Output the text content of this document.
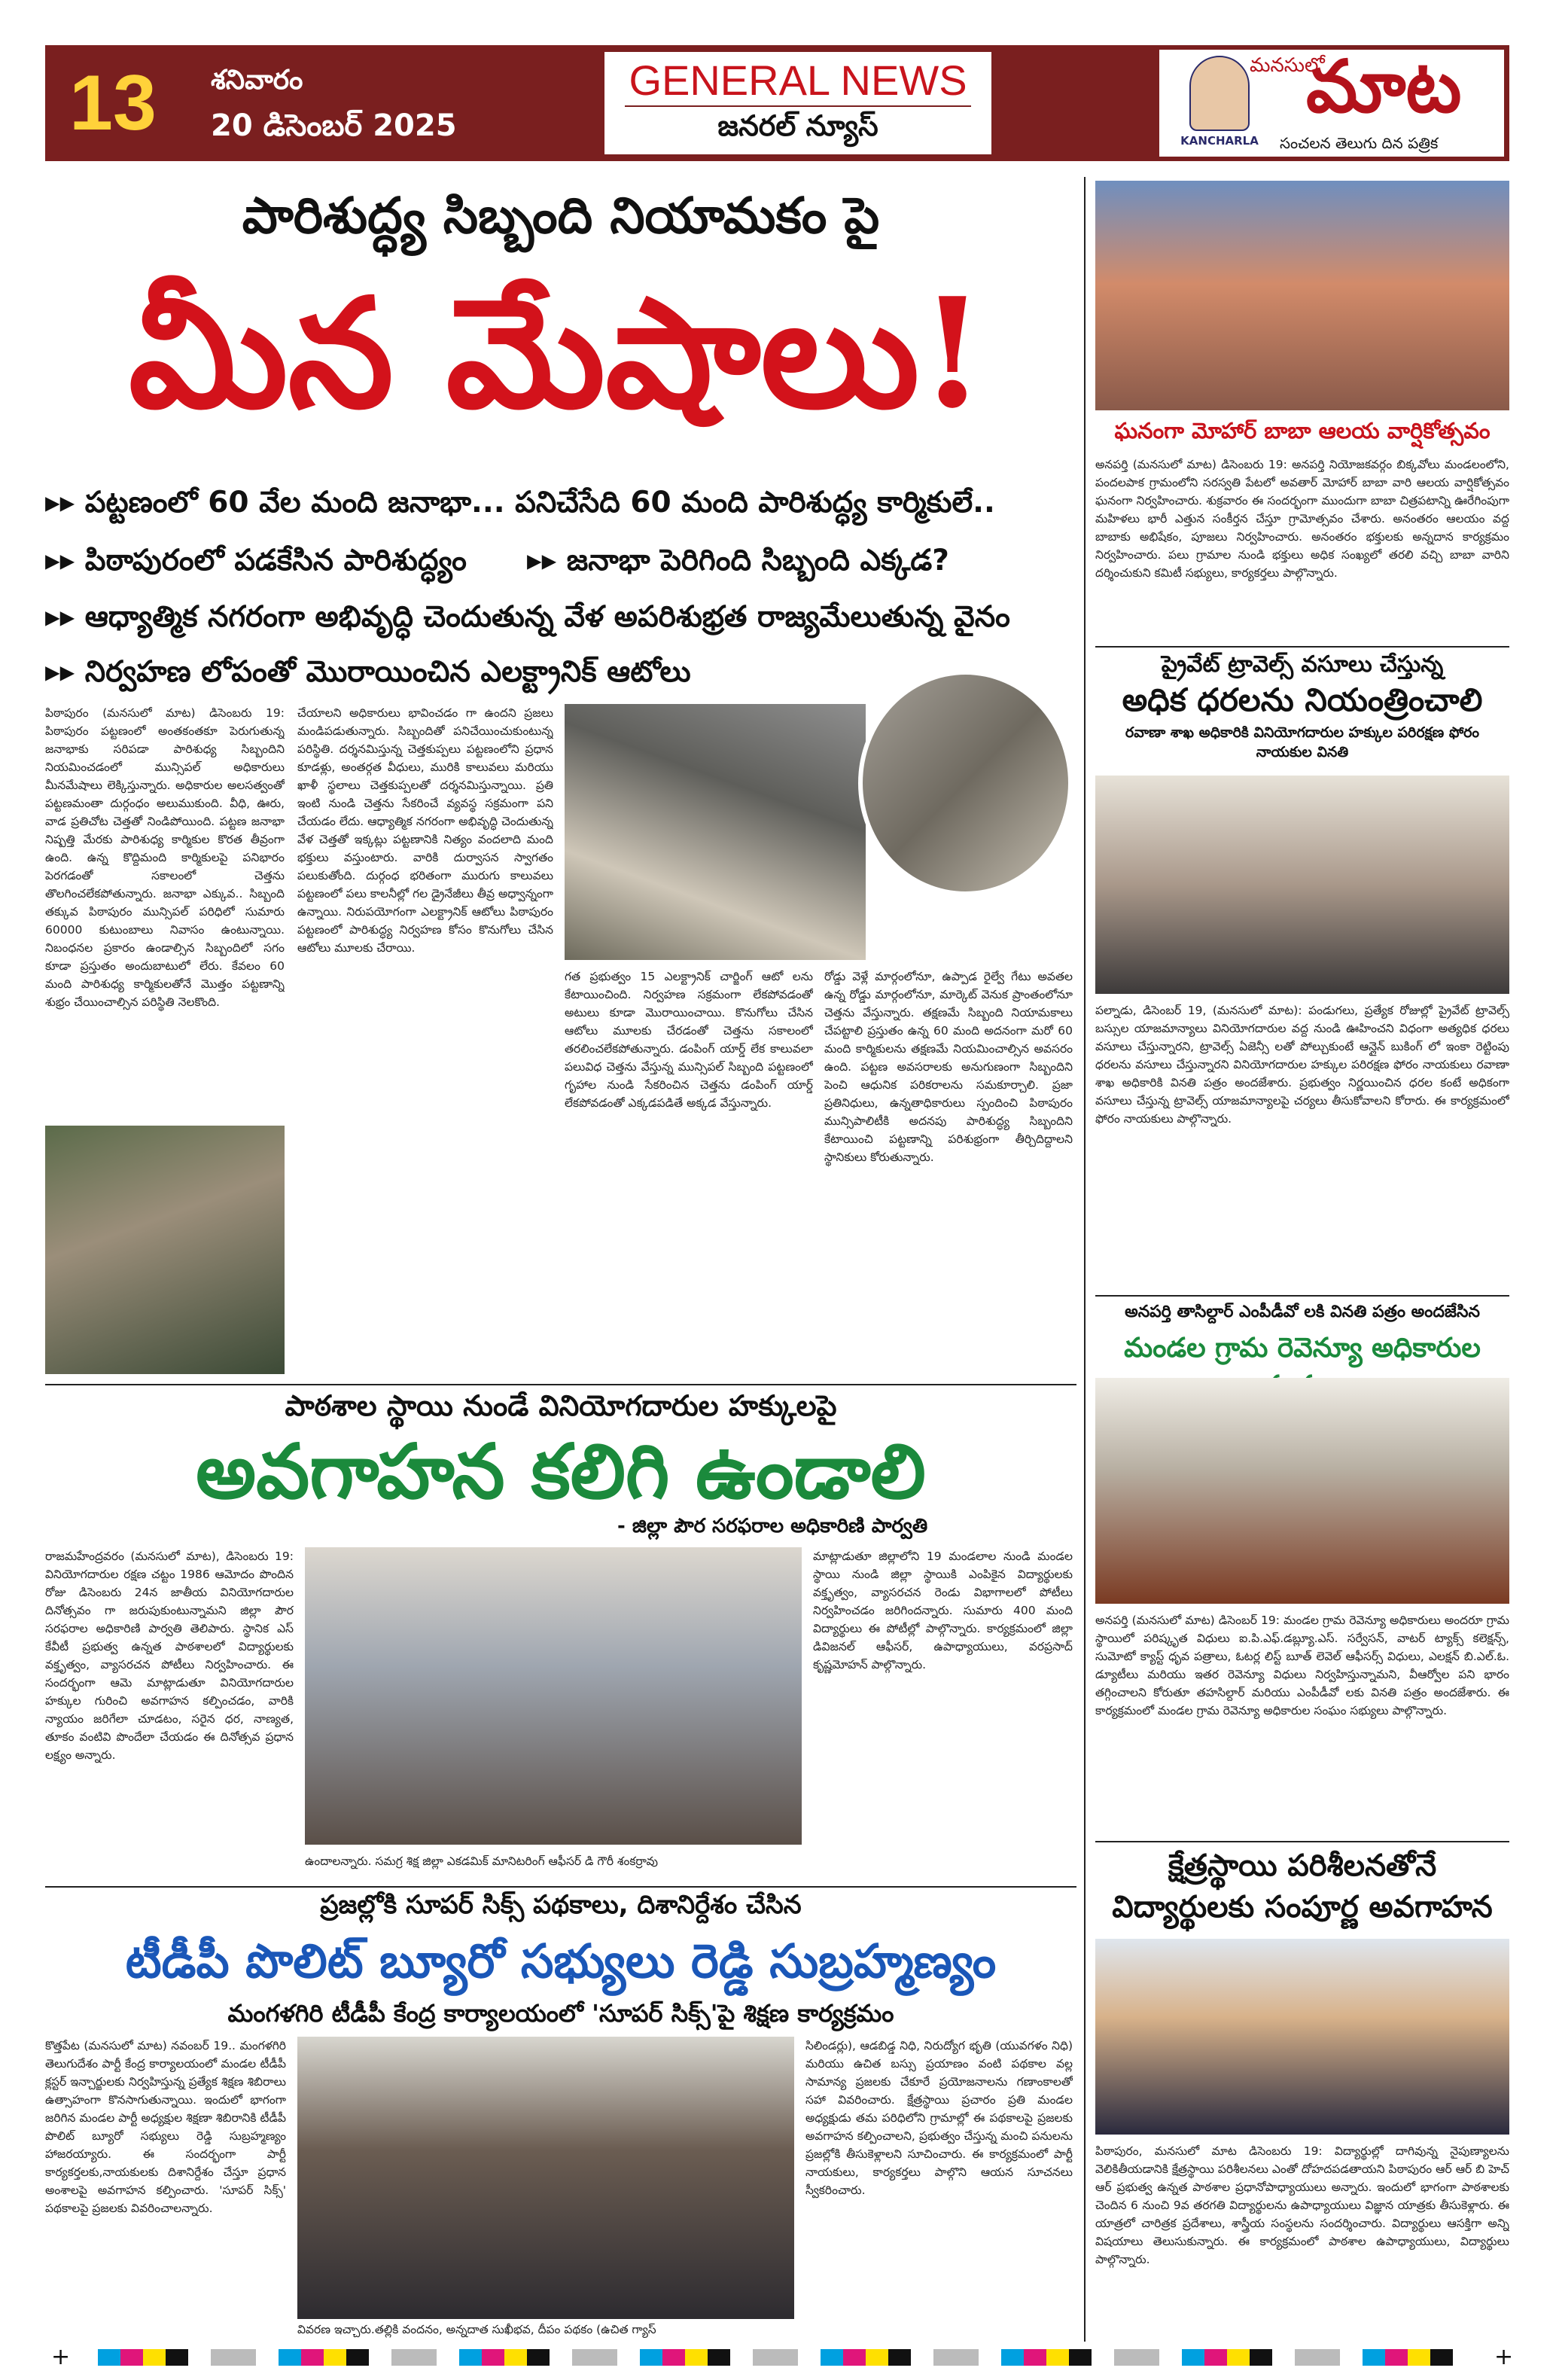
13	శనివారం
20 డిసెంబర్ 2025
GENERAL NEWS
జనరల్ న్యూస్
మనసులో
మాట
KANCHARLA	సంచలన తెలుగు దిన పత్రిక
పారిశుద్ధ్య సిబ్బంది నియామకం పై
మీన మేషాలు!
▸▸ పట్టణంలో 60 వేల మంది జనాభా... పనిచేసేది 60 మంది పారిశుద్ధ్య కార్మికులే..
▸▸ పిఠాపురంలో పడకేసిన పారిశుద్ధ్యం	▸▸ జనాభా పెరిగింది సిబ్బంది ఎక్కడ?
▸▸ ఆధ్యాత్మిక నగరంగా అభివృద్ధి చెందుతున్న వేళ అపరిశుభ్రత రాజ్యమేలుతున్న వైనం
▸▸ నిర్వహణ లోపంతో మొరాయించిన ఎలక్ట్రానిక్ ఆటోలు
పిఠాపురం (మనసులో మాట) డిసెంబరు 19: పిఠాపురం పట్టణంలో అంతకంతకూ పెరుగుతున్న జనాభాకు సరిపడా పారిశుధ్య సిబ్బందిని నియమించడంలో మున్సిపల్ అధికారులు మీనమేషాలు లెక్కిస్తున్నారు. అధికారుల అలసత్వంతో పట్టణమంతా దుర్గంధం అలుముకుంది. వీధి, ఊరు, వాడ ప్రతిచోట చెత్తతో నిండిపోయింది. పట్టణ జనాభా నిష్పత్తి మేరకు పారిశుధ్య కార్మికుల కొరత తీవ్రంగా ఉంది. ఉన్న కొద్దిమంది కార్మికులపై పనిభారం పెరగడంతో సకాలంలో చెత్తను తొలగించలేకపోతున్నారు. జనాభా ఎక్కువ.. సిబ్బంది తక్కువ పిఠాపురం మున్సిపల్ పరిధిలో సుమారు 60000 కుటుంబాలు నివాసం ఉంటున్నాయి. నిబంధనల ప్రకారం ఉండాల్సిన సిబ్బందిలో సగం కూడా ప్రస్తుతం అందుబాటులో లేరు. కేవలం 60 మంది పారిశుధ్య కార్మికులతోనే మొత్తం పట్టణాన్ని శుభ్రం చేయించాల్సిన పరిస్థితి నెలకొంది.
చేయాలని అధికారులు భావించడం గా ఉందని ప్రజలు మండిపడుతున్నారు. సిబ్బందితో పనిచేయించుకుంటున్న పరిస్థితి. దర్శనమిస్తున్న చెత్తకుప్పలు పట్టణంలోని ప్రధాన కూడళ్లు, అంతర్గత వీధులు, మురికి కాలువలు మరియు ఖాళీ స్థలాలు చెత్తకుప్పలతో దర్శనమిస్తున్నాయి. ప్రతి ఇంటి నుండి చెత్తను సేకరించే వ్యవస్థ సక్రమంగా పని చేయడం లేదు. ఆధ్యాత్మిక నగరంగా అభివృద్ధి చెందుతున్న వేళ చెత్తతో ఇక్కట్లు పట్టణానికి నిత్యం వందలాది మంది భక్తులు వస్తుంటారు. వారికి దుర్వాసన స్వాగతం పలుకుతోంది. దుర్గంధ భరితంగా మురుగు కాలువలు పట్టణంలో పలు కాలనీల్లో గల డ్రైనేజీలు తీవ్ర అధ్వాన్నంగా ఉన్నాయి. నిరుపయోగంగా ఎలక్ట్రానిక్ ఆటోలు పిఠాపురం పట్టణంలో పారిశుద్ధ్య నిర్వహణ కోసం కొనుగోలు చేసిన ఆటోలు మూలకు చేరాయి.
గత ప్రభుత్వం 15 ఎలక్ట్రానిక్ చార్జింగ్ ఆటో లను కేటాయించింది. నిర్వహణ సక్రమంగా లేకపోవడంతో అటులు కూడా మొరాయించాయి. కొనుగోలు చేసిన ఆటోలు మూలకు చేరడంతో చెత్తను సకాలంలో తరలించలేకపోతున్నారు. డంపింగ్ యార్డ్ లేక కాలువలా పలువిధ చెత్తను వేస్తున్న మున్సిపల్ సిబ్బంది పట్టణంలో గృహాల నుండి సేకరించిన చెత్తను డంపింగ్ యార్డ్ లేకపోవడంతో ఎక్కడపడితే అక్కడ వేస్తున్నారు.
రోడ్డు వెళ్లే మార్గంలోనూ, ఉప్పాడ రైల్వే గేటు అవతల ఉన్న రోడ్డు మార్గంలోనూ, మార్కెట్ వెనుక ప్రాంతంలోనూ చెత్తను వేస్తున్నారు. తక్షణమే సిబ్బంది నియామకాలు చేపట్టాలి ప్రస్తుతం ఉన్న 60 మంది అదనంగా మరో 60 మంది కార్మికులను తక్షణమే నియమించాల్సిన అవసరం ఉంది. పట్టణ అవసరాలకు అనుగుణంగా సిబ్బందిని పెంచి ఆధునిక పరికరాలను సమకూర్చాలి. ప్రజా ప్రతినిధులు, ఉన్నతాధికారులు స్పందించి పిఠాపురం మున్సిపాలిటీకి అదనపు పారిశుద్ధ్య సిబ్బందిని కేటాయించి పట్టణాన్ని పరిశుభ్రంగా తీర్చిదిద్దాలని స్థానికులు కోరుతున్నారు.
పాఠశాల స్థాయి నుండే వినియోగదారుల హక్కులపై
అవగాహన కలిగి ఉండాలి
- జిల్లా పౌర సరఫరాల అధికారిణి పార్వతి
రాజమహేంద్రవరం (మనసులో మాట), డిసెంబరు 19: వినియోగదారుల రక్షణ చట్టం 1986 ఆమోదం పొందిన రోజు డిసెంబరు 24న జాతీయ వినియోగదారుల దినోత్సవం గా జరుపుకుంటున్నామని జిల్లా పౌర సరఫరాల అధికారిణి పార్వతి తెలిపారు. స్థానిక ఎస్ కేవీటీ ప్రభుత్వ ఉన్నత పాఠశాలలో విద్యార్థులకు వక్తృత్వం, వ్యాసరచన పోటీలు నిర్వహించారు. ఈ సందర్భంగా ఆమె మాట్లాడుతూ వినియోగదారుల హక్కుల గురించి అవగాహన కల్పించడం, వారికి న్యాయం జరిగేలా చూడటం, సరైన ధర, నాణ్యత, తూకం వంటివి పొందేలా చేయడం ఈ దినోత్సవ ప్రధాన లక్ష్యం అన్నారు.
ఉందాలన్నారు. సమగ్ర శిక్ష జిల్లా ఎకడమిక్ మానిటరింగ్ ఆఫీసర్ డి గౌరీ శంకర్రావు
మాట్లాడుతూ జిల్లాలోని 19 మండలాల నుండి మండల స్థాయి నుండి జిల్లా స్థాయికి ఎంపికైన విద్యార్థులకు వక్తృత్వం, వ్యాసరచన రెండు విభాగాలలో పోటీలు నిర్వహించడం జరిగిందన్నారు. సుమారు 400 మంది విద్యార్థులు ఈ పోటీల్లో పాల్గొన్నారు. కార్యక్రమంలో జిల్లా డివిజనల్ ఆఫీసర్, ఉపాధ్యాయులు, వరప్రసాద్ కృష్ణమోహన్ పాల్గొన్నారు.
ప్రజల్లోకి సూపర్ సిక్స్ పథకాలు, దిశానిర్దేశం చేసిన
టీడీపీ పొలిట్ బ్యూరో సభ్యులు రెడ్డి సుబ్రహ్మణ్యం
మంగళగిరి టీడీపీ కేంద్ర కార్యాలయంలో 'సూపర్ సిక్స్'పై శిక్షణ కార్యక్రమం
కొత్తపేట (మనసులో మాట) నవంబర్ 19.. మంగళగిరి తెలుగుదేశం పార్టీ కేంద్ర కార్యాలయంలో మండల టీడీపీ క్లస్టర్ ఇన్చార్జులకు నిర్వహిస్తున్న ప్రత్యేక శిక్షణ శిబిరాలు ఉత్సాహంగా కొనసాగుతున్నాయి. ఇందులో భాగంగా జరిగిన మండల పార్టీ అధ్యక్షుల శిక్షణా శిబిరానికి టీడీపీ పొలిట్ బ్యూరో సభ్యులు రెడ్డి సుబ్రహ్మణ్యం హాజరయ్యారు. ఈ సందర్భంగా పార్టీ కార్యకర్తలకు,నాయకులకు దిశానిర్దేశం చేస్తూ ప్రధాన అంశాలపై అవగాహన కల్పించారు. 'సూపర్ సిక్స్' పథకాలపై ప్రజలకు వివరించాలన్నారు.
వివరణ ఇచ్చారు.తల్లికి వందనం, అన్నదాత సుఖీభవ, దీపం పథకం (ఉచిత గ్యాస్
సిలిండర్లు), ఆడబిడ్డ నిధి, నిరుద్యోగ భృతి (యువగళం నిధి) మరియు ఉచిత బస్సు ప్రయాణం వంటి పథకాల వల్ల సామాన్య ప్రజలకు చేకూరే ప్రయోజనాలను గణాంకాలతో సహా వివరించారు. క్షేత్రస్థాయి ప్రచారం ప్రతి మండల అధ్యక్షుడు తమ పరిధిలోని గ్రామాల్లో ఈ పథకాలపై ప్రజలకు అవగాహన కల్పించాలని, ప్రభుత్వం చేస్తున్న మంచి పనులను ప్రజల్లోకి తీసుకెళ్లాలని సూచించారు. ఈ కార్యక్రమంలో పార్టీ నాయకులు, కార్యకర్తలు పాల్గొని ఆయన సూచనలు స్వీకరించారు.
ఘనంగా మోహార్ బాబా ఆలయ వార్షికోత్సవం
అనపర్తి (మనసులో మాట) డిసెంబరు 19: అనపర్తి నియోజకవర్గం బిక్కవోలు మండలంలోని, పందలపాక గ్రామంలోని సరస్వతి పేటలో అవతార్ మోహార్ బాబా వారి ఆలయ వార్షికోత్సవం ఘనంగా నిర్వహించారు. శుక్రవారం ఈ సందర్భంగా ముందుగా బాబా చిత్రపటాన్ని ఊరేగింపుగా మహిళలు భారీ ఎత్తున సంకీర్తన చేస్తూ గ్రామోత్సవం చేశారు. అనంతరం ఆలయం వద్ద బాబాకు అభిషేకం, పూజలు నిర్వహించారు. అనంతరం భక్తులకు అన్నదాన కార్యక్రమం నిర్వహించారు. పలు గ్రామాల నుండి భక్తులు అధిక సంఖ్యలో తరలి వచ్చి బాబా వారిని దర్శించుకుని కమిటీ సభ్యులు, కార్యకర్తలు పాల్గొన్నారు.
ప్రైవేట్ ట్రావెల్స్ వసూలు చేస్తున్న
అధిక ధరలను నియంత్రించాలి
రవాణా శాఖ అధికారికి వినియోగదారుల హక్కుల పరిరక్షణ ఫోరం నాయకుల వినతి
పల్నాడు, డిసెంబర్ 19, (మనసులో మాట): పండుగలు, ప్రత్యేక రోజుల్లో ప్రైవేట్ ట్రావెల్స్ బస్సుల యాజమాన్యాలు వినియోగదారుల వద్ద నుండి ఊహించని విధంగా అత్యధిక ధరలు వసూలు చేస్తున్నారని, ట్రావెల్స్ ఏజెన్సీ లతో పోల్చుకుంటే ఆన్లైన్ బుకింగ్ లో ఇంకా రెట్టింపు ధరలను వసూలు చేస్తున్నారని వినియోగదారుల హక్కుల పరిరక్షణ ఫోరం నాయకులు రవాణా శాఖ అధికారికి వినతి పత్రం అందజేశారు. ప్రభుత్వం నిర్ణయించిన ధరల కంటే అధికంగా వసూలు చేస్తున్న ట్రావెల్స్ యాజమాన్యాలపై చర్యలు తీసుకోవాలని కోరారు. ఈ కార్యక్రమంలో ఫోరం నాయకులు పాల్గొన్నారు.
అనపర్తి తాసిల్దార్ ఎంపీడీవో లకి వినతి పత్రం అందజేసిన
మండల గ్రామ రెవెన్యూ అధికారుల
అనపర్తి (మనసులో మాట) డిసెంబర్ 19: మండల గ్రామ రెవెన్యూ అధికారులు అందరూ గ్రామ స్థాయిలో పరిష్కృత విధులు ఐ.పి.ఎఫ్.డబ్ల్యూ.ఎస్. సర్వేసన్, వాటర్ ట్యాక్స్ కలెక్షన్స్, సుమోటో క్యాస్ట్ ధృవ పత్రాలు, ఓటర్ల లిస్ట్ బూత్ లెవెల్ ఆఫీసర్స్ విధులు, ఎలక్షన్ బి.ఎల్.ఓ. డ్యూటీలు మరియు ఇతర రెవెన్యూ విధులు నిర్వహిస్తున్నామని, వీఆర్వోల పని భారం తగ్గించాలని కోరుతూ తహసిల్దార్ మరియు ఎంపీడీవో లకు వినతి పత్రం అందజేశారు. ఈ కార్యక్రమంలో మండల గ్రామ రెవెన్యూ అధికారుల సంఘం సభ్యులు పాల్గొన్నారు.
క్షేత్రస్థాయి పరిశీలనతోనే
విద్యార్థులకు సంపూర్ణ అవగాహన
పిఠాపురం, మనసులో మాట డిసెంబరు 19: విద్యార్థుల్లో దాగివున్న నైపుణ్యాలను వెలికితీయడానికి క్షేత్రస్థాయి పరిశీలనలు ఎంతో దోహదపడతాయని పిఠాపురం ఆర్ ఆర్ బి హెచ్ ఆర్ ప్రభుత్వ ఉన్నత పాఠశాల ప్రధానోపాధ్యాయులు అన్నారు. ఇందులో భాగంగా పాఠశాలకు చెందిన 6 నుంచి 9వ తరగతి విద్యార్థులను ఉపాధ్యాయులు విజ్ఞాన యాత్రకు తీసుకెళ్లారు. ఈ యాత్రలో చారిత్రక ప్రదేశాలు, శాస్త్రీయ సంస్థలను సందర్శించారు. విద్యార్థులు ఆసక్తిగా అన్ని విషయాలు తెలుసుకున్నారు. ఈ కార్యక్రమంలో పాఠశాల ఉపాధ్యాయులు, విద్యార్థులు పాల్గొన్నారు.
+	+
